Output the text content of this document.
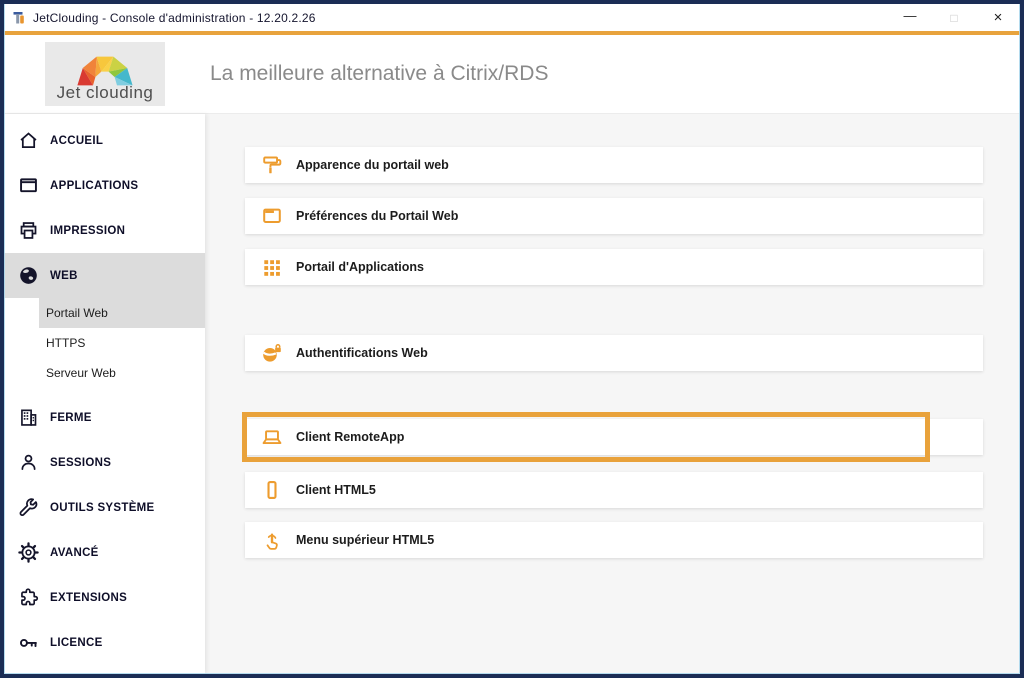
JetClouding - Console d'administration - 12.20.2.26	—	□	×
Jet clouding
La meilleure alternative à Citrix/RDS
ACCUEIL
APPLICATIONS
IMPRESSION
WEB
Portail Web
HTTPS
Serveur Web
FERME
SESSIONS
OUTILS SYSTÈME
AVANCÉ
EXTENSIONS
LICENCE
Apparence du portail web
Préférences du Portail Web
Portail d'Applications
Authentifications Web
Client RemoteApp
Client HTML5
Menu supérieur HTML5
